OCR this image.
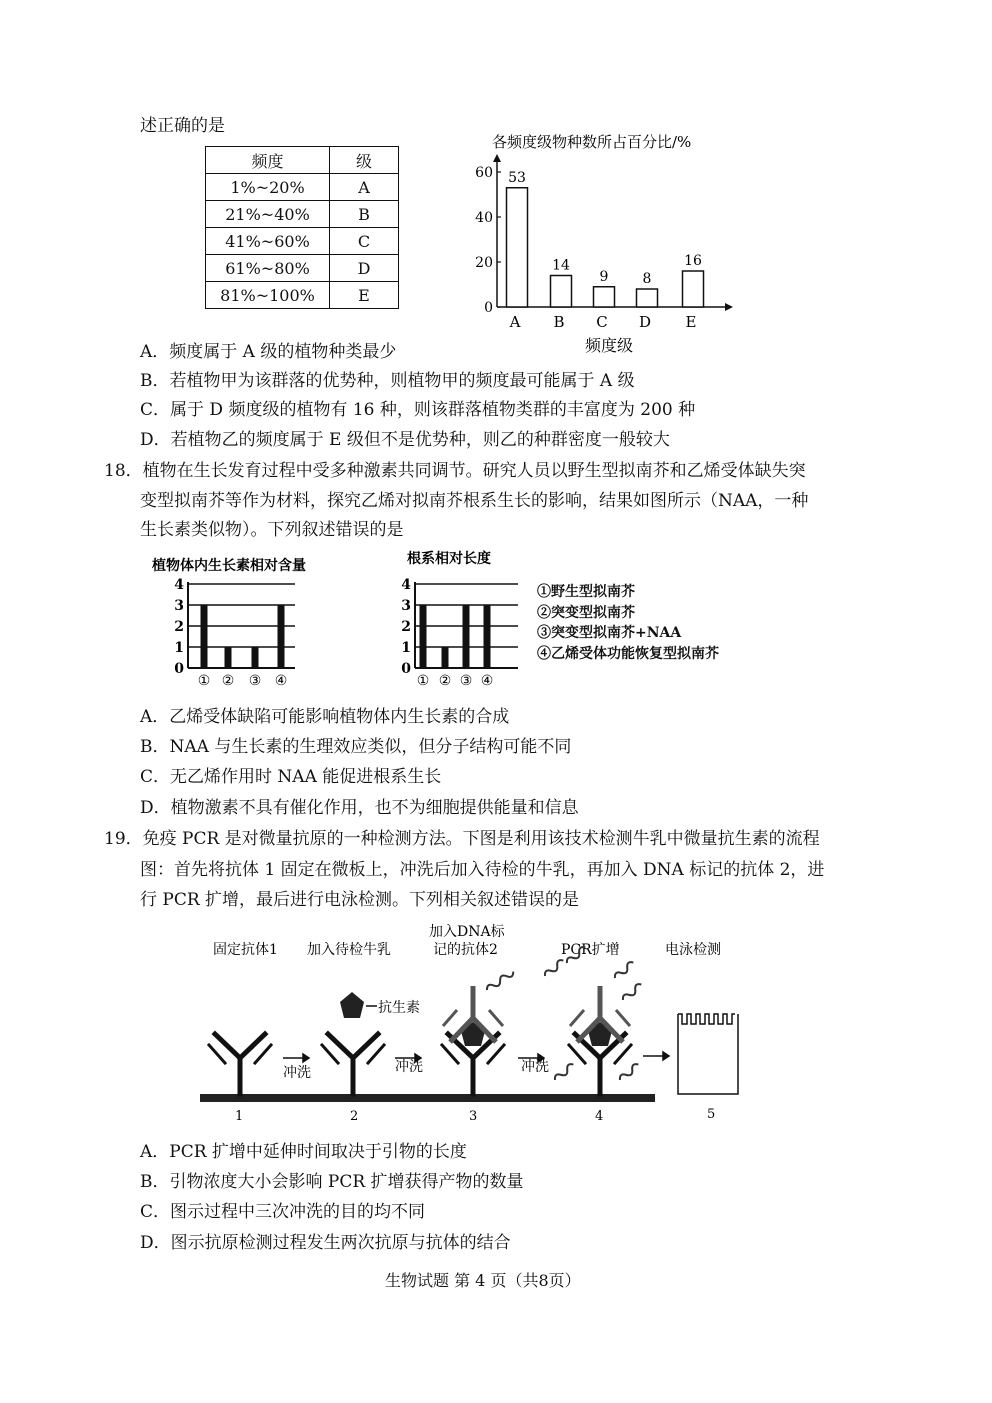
述正确的是
频度	级
1%~20%	A
21%~40%	B
41%~60%	C
61%~80%	D
81%~100%	E
各频度级物种数所占百分比/%
频度级
0
20
40
60 53
A
14
B
9
C
8
D
16
E
A．频度属于 A 级的植物种类最少
B．若植物甲为该群落的优势种，则植物甲的频度最可能属于 A 级
C．属于 D 频度级的植物有 16 种，则该群落植物类群的丰富度为 200 种
D．若植物乙的频度属于 E 级但不是优势种，则乙的种群密度一般较大
18．植物在生长发育过程中受多种激素共同调节。研究人员以野生型拟南芥和乙烯受体缺失突
变型拟南芥等作为材料，探究乙烯对拟南芥根系生长的影响，结果如图所示（NAA，一种
生长素类似物）。下列叙述错误的是
植物体内生长素相对含量
0
1
2
3
4
① ② ③ ④
根系相对长度
0
1
2
3
4
① ② ③ ④
①野生型拟南芥
②突变型拟南芥
③突变型拟南芥+NAA
④乙烯受体功能恢复型拟南芥
A．乙烯受体缺陷可能影响植物体内生长素的合成
B．NAA 与生长素的生理效应类似，但分子结构可能不同
C．无乙烯作用时 NAA 能促进根系生长
D．植物激素不具有催化作用，也不为细胞提供能量和信息
19．免疫 PCR 是对微量抗原的一种检测方法。下图是利用该技术检测牛乳中微量抗生素的流程
图：首先将抗体 1 固定在微板上，冲洗后加入待检的牛乳，再加入 DNA 标记的抗体 2，进
行 PCR 扩增，最后进行电泳检测。下列相关叙述错误的是
固定抗体1 加入待检牛乳
加入DNA标
记的抗体2	PCR扩增	电泳检测
抗生素
冲洗	冲洗	冲洗
1	2	3	4	5
A．PCR 扩增中延伸时间取决于引物的长度
B．引物浓度大小会影响 PCR 扩增获得产物的数量
C．图示过程中三次冲洗的目的均不同
D．图示抗原检测过程发生两次抗原与抗体的结合
生物试题 第 4 页（共8页）
